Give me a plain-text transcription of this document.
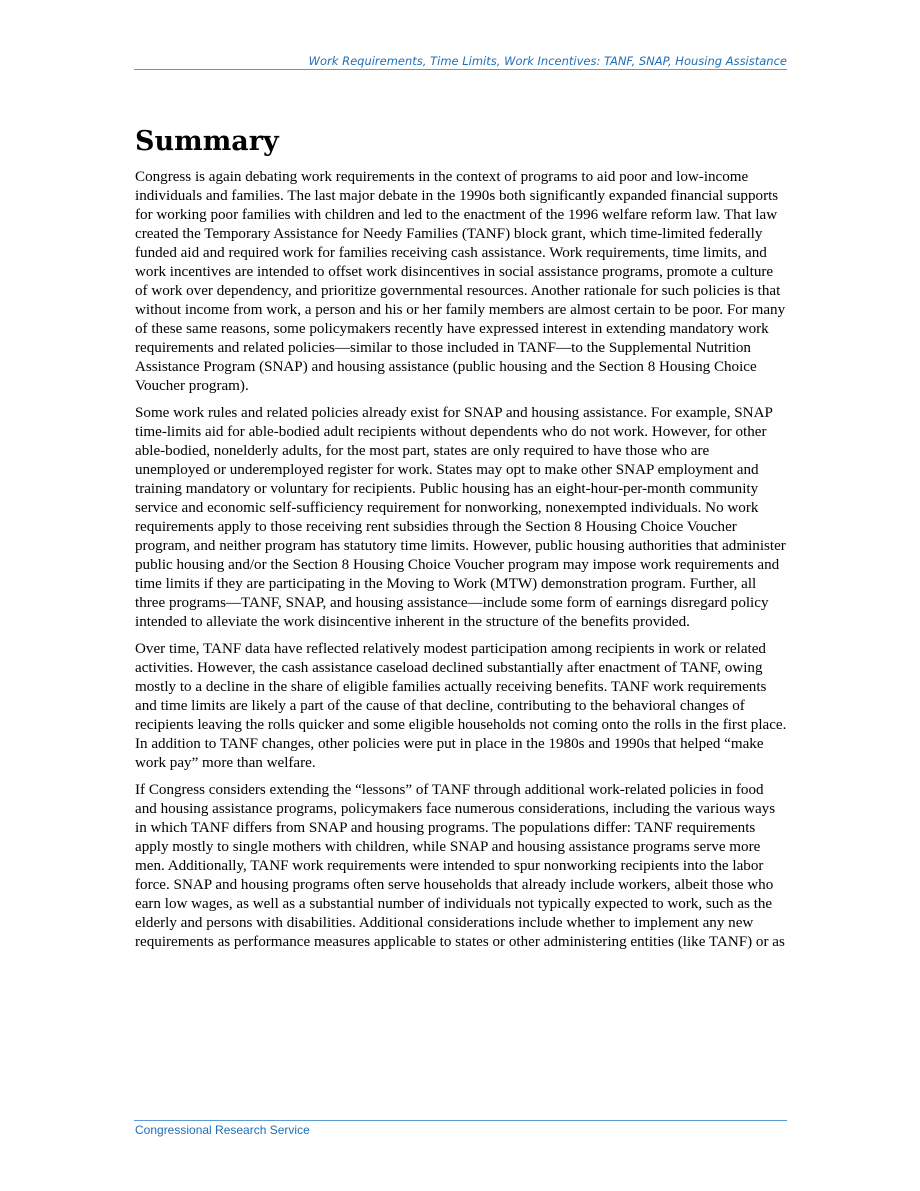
Work Requirements, Time Limits, Work Incentives: TANF, SNAP, Housing Assistance
Summary

Congress is again debating work requirements in the context of programs to aid poor and low-income individuals and families. The last major debate in the 1990s both significantly expanded financial supports for working poor families with children and led to the enactment of the 1996 welfare reform law. That law created the Temporary Assistance for Needy Families (TANF) block grant, which time-limited federally funded aid and required work for families receiving cash assistance. Work requirements, time limits, and work incentives are intended to offset work disincentives in social assistance programs, promote a culture of work over dependency, and prioritize governmental resources. Another rationale for such policies is that without income from work, a person and his or her family members are almost certain to be poor. For many of these same reasons, some policymakers recently have expressed interest in extending mandatory work requirements and related policies—similar to those included in TANF—to the Supplemental Nutrition Assistance Program (SNAP) and housing assistance (public housing and the Section 8 Housing Choice Voucher program).

Some work rules and related policies already exist for SNAP and housing assistance. For example, SNAP time-limits aid for able-bodied adult recipients without dependents who do not work. However, for other able-bodied, nonelderly adults, for the most part, states are only required to have those who are unemployed or underemployed register for work. States may opt to make other SNAP employment and training mandatory or voluntary for recipients. Public housing has an eight-hour-per-month community service and economic self-sufficiency requirement for nonworking, nonexempted individuals. No work requirements apply to those receiving rent subsidies through the Section 8 Housing Choice Voucher program, and neither program has statutory time limits. However, public housing authorities that administer public housing and/or the Section 8 Housing Choice Voucher program may impose work requirements and time limits if they are participating in the Moving to Work (MTW) demonstration program. Further, all three programs—TANF, SNAP, and housing assistance—include some form of earnings disregard policy intended to alleviate the work disincentive inherent in the structure of the benefits provided.

Over time, TANF data have reflected relatively modest participation among recipients in work or related activities. However, the cash assistance caseload declined substantially after enactment of TANF, owing mostly to a decline in the share of eligible families actually receiving benefits. TANF work requirements and time limits are likely a part of the cause of that decline, contributing to the behavioral changes of recipients leaving the rolls quicker and some eligible households not coming onto the rolls in the first place. In addition to TANF changes, other policies were put in place in the 1980s and 1990s that helped “make work pay” more than welfare.

If Congress considers extending the “lessons” of TANF through additional work-related policies in food and housing assistance programs, policymakers face numerous considerations, including the various ways in which TANF differs from SNAP and housing programs. The populations differ: TANF requirements apply mostly to single mothers with children, while SNAP and housing assistance programs serve more men. Additionally, TANF work requirements were intended to spur nonworking recipients into the labor force. SNAP and housing programs often serve households that already include workers, albeit those who earn low wages, as well as a substantial number of individuals not typically expected to work, such as the elderly and persons with disabilities. Additional considerations include whether to implement any new requirements as performance measures applicable to states or other administering entities (like TANF) or as

Congressional Research Service
